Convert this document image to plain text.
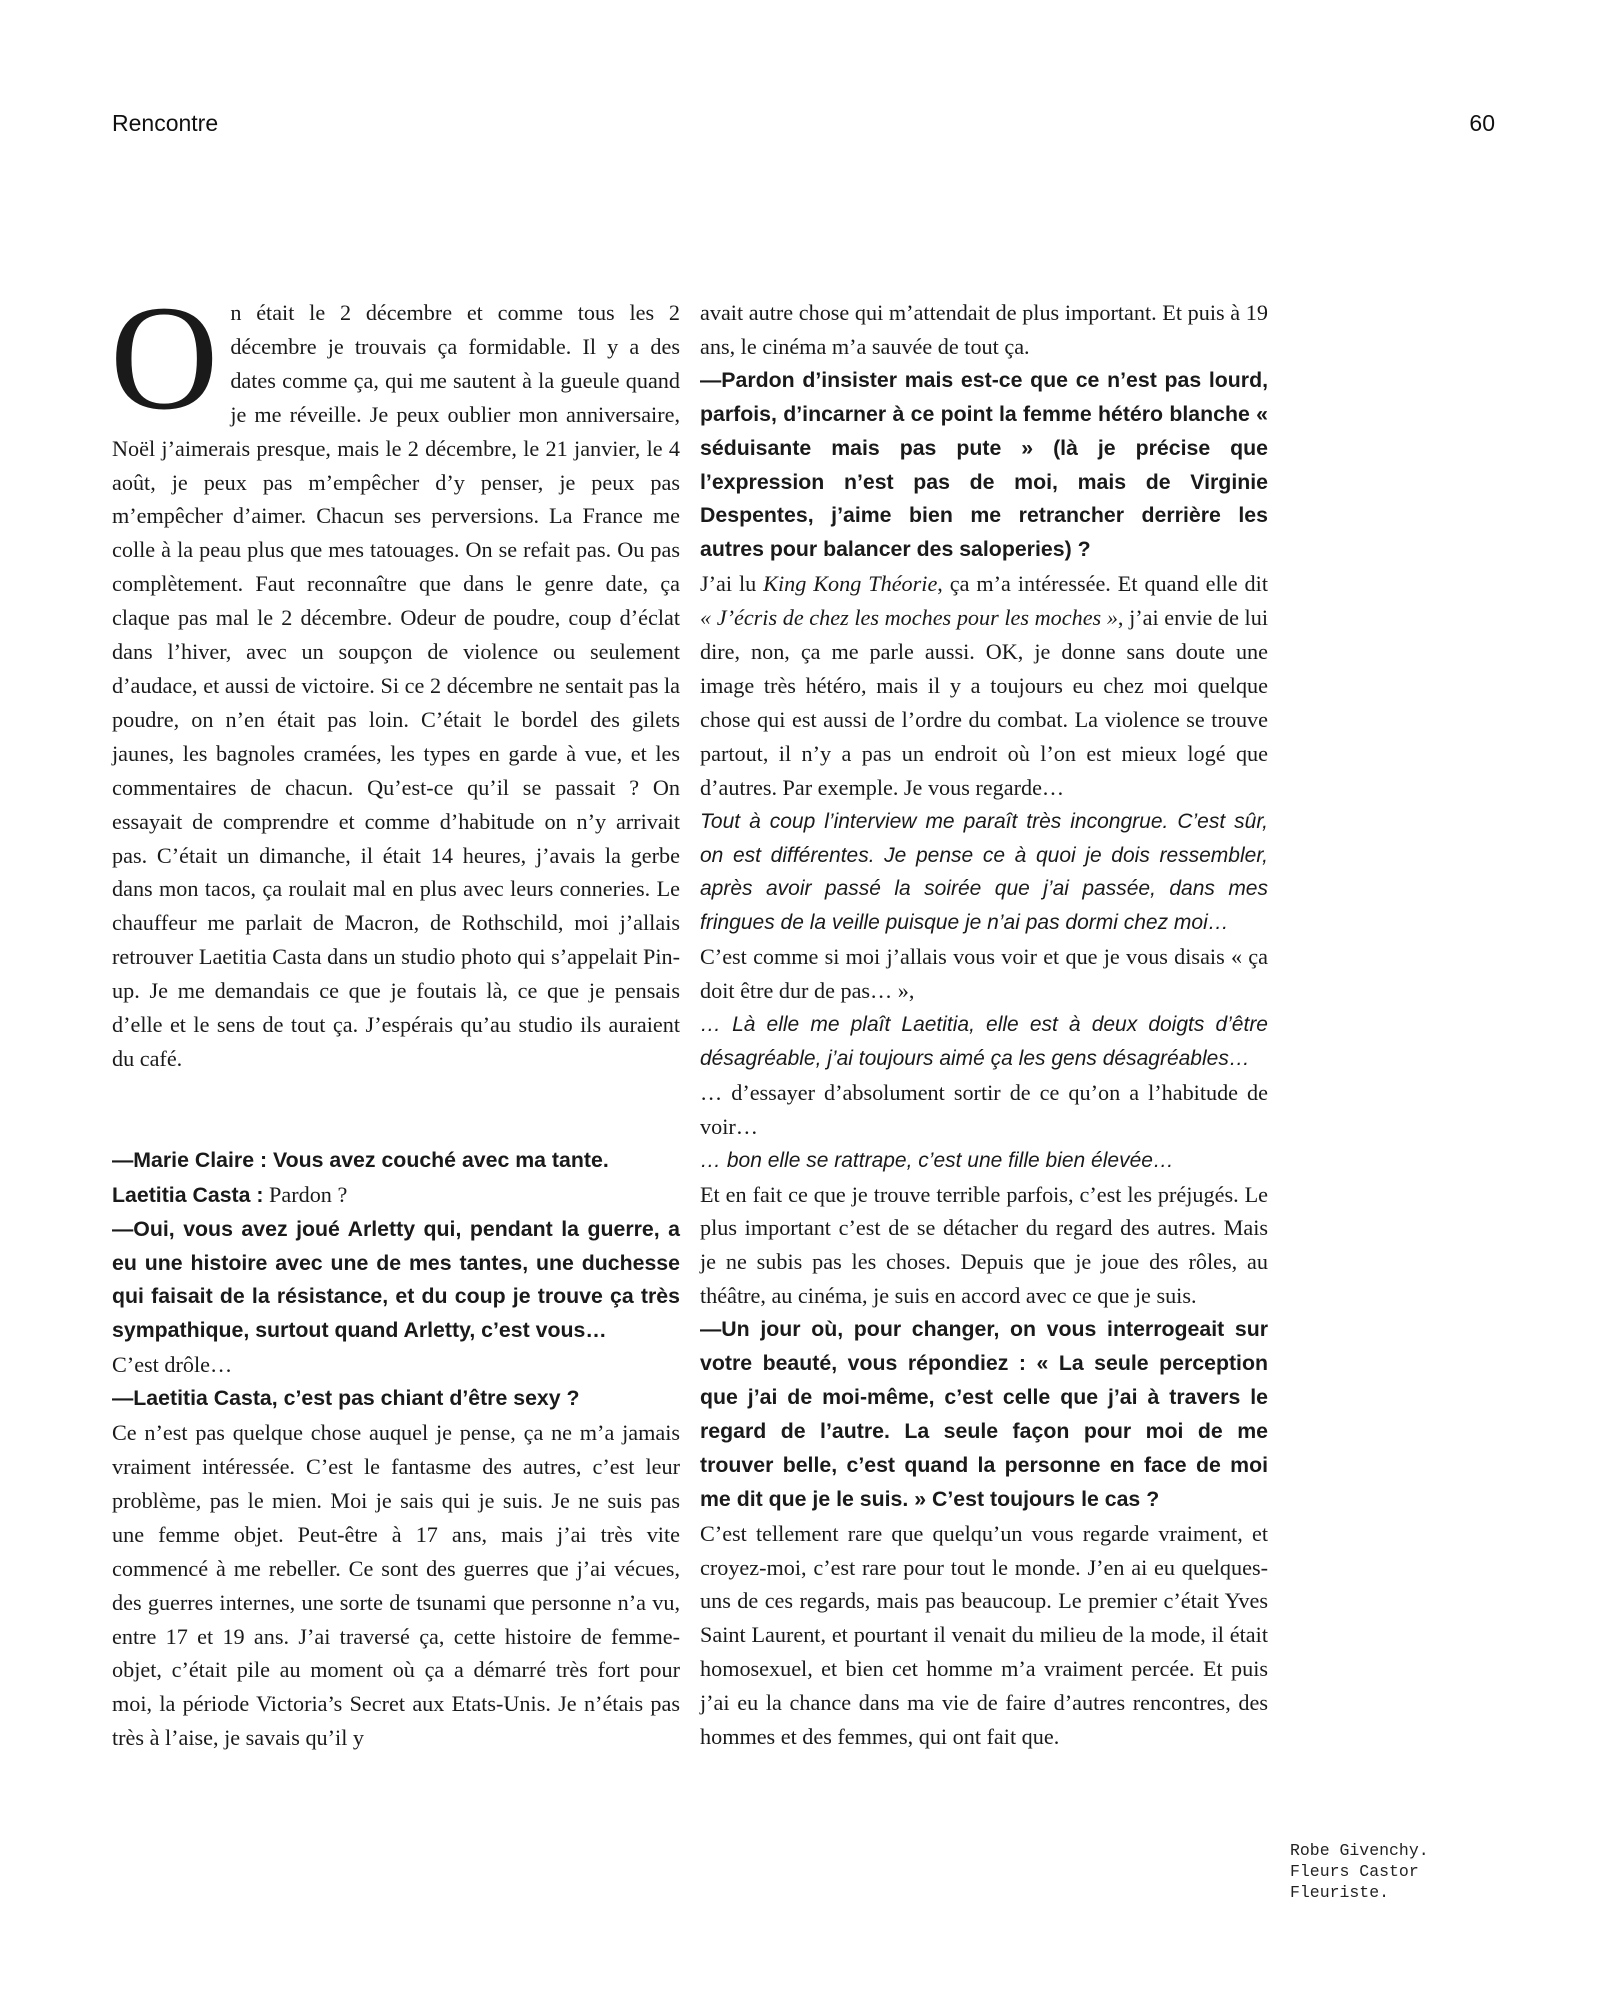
Rencontre	60

On était le 2 décembre et comme tous les 2 décembre je trouvais ça formidable. Il y a des dates comme ça, qui me sautent à la gueule quand je me réveille. Je peux oublier mon anniversaire, Noël j’aimerais presque, mais le 2 décembre, le 21 janvier, le 4 août, je peux pas m’empêcher d’y penser, je peux pas m’empêcher d’aimer. Chacun ses perversions. La France me colle à la peau plus que mes tatouages. On se refait pas. Ou pas complètement. Faut reconnaître que dans le genre date, ça claque pas mal le 2 décembre. Odeur de poudre, coup d’éclat dans l’hiver, avec un soupçon de violence ou seulement d’audace, et aussi de victoire. Si ce 2 décembre ne sentait pas la poudre, on n’en était pas loin. C’était le bordel des gilets jaunes, les bagnoles cramées, les types en garde à vue, et les commentaires de chacun. Qu’est-ce qu’il se passait ? On essayait de comprendre et comme d’habitude on n’y arrivait pas. C’était un dimanche, il était 14 heures, j’avais la gerbe dans mon tacos, ça roulait mal en plus avec leurs conneries. Le chauffeur me parlait de Macron, de Rothschild, moi j’allais retrouver Laetitia Casta dans un studio photo qui s’appelait Pin-up. Je me demandais ce que je foutais là, ce que je pensais d’elle et le sens de tout ça. J’espérais qu’au studio ils auraient du café.

—Marie Claire : Vous avez couché avec ma tante.

Laetitia Casta : Pardon ?

—Oui, vous avez joué Arletty qui, pendant la guerre, a eu une histoire avec une de mes tantes, une duchesse qui faisait de la résistance, et du coup je trouve ça très sympathique, surtout quand Arletty, c’est vous…

C’est drôle…

—Laetitia Casta, c’est pas chiant d’être sexy ?

Ce n’est pas quelque chose auquel je pense, ça ne m’a jamais vraiment intéressée. C’est le fantasme des autres, c’est leur problème, pas le mien. Moi je sais qui je suis. Je ne suis pas une femme objet. Peut-être à 17 ans, mais j’ai très vite commencé à me rebeller. Ce sont des guerres que j’ai vécues, des guerres internes, une sorte de tsunami que personne n’a vu, entre 17 et 19 ans. J’ai traversé ça, cette histoire de femme-objet, c’était pile au moment où ça a démarré très fort pour moi, la période Victoria’s Secret aux Etats-Unis. Je n’étais pas très à l’aise, je savais qu’il y

avait autre chose qui m’attendait de plus important. Et puis à 19 ans, le cinéma m’a sauvée de tout ça.

—Pardon d’insister mais est-ce que ce n’est pas lourd, parfois, d’incarner à ce point la femme hétéro blanche « séduisante mais pas pute » (là je précise que l’expression n’est pas de moi, mais de Virginie Despentes, j’aime bien me retrancher derrière les autres pour balancer des saloperies) ?

J’ai lu King Kong Théorie, ça m’a intéressée. Et quand elle dit « J’écris de chez les moches pour les moches », j’ai envie de lui dire, non, ça me parle aussi. OK, je donne sans doute une image très hétéro, mais il y a toujours eu chez moi quelque chose qui est aussi de l’ordre du combat. La violence se trouve partout, il n’y a pas un endroit où l’on est mieux logé que d’autres. Par exemple. Je vous regarde…

Tout à coup l’interview me paraît très incongrue. C’est sûr, on est différentes. Je pense ce à quoi je dois ressembler, après avoir passé la soirée que j’ai passée, dans mes fringues de la veille puisque je n’ai pas dormi chez moi…

C’est comme si moi j’allais vous voir et que je vous disais « ça doit être dur de pas… »,

… Là elle me plaît Laetitia, elle est à deux doigts d’être désagréable, j’ai toujours aimé ça les gens désagréables…

… d’essayer d’absolument sortir de ce qu’on a l’habitude de voir…

… bon elle se rattrape, c’est une fille bien élevée…

Et en fait ce que je trouve terrible parfois, c’est les préjugés. Le plus important c’est de se détacher du regard des autres. Mais je ne subis pas les choses. Depuis que je joue des rôles, au théâtre, au cinéma, je suis en accord avec ce que je suis.

—Un jour où, pour changer, on vous interrogeait sur votre beauté, vous répondiez : « La seule perception que j’ai de moi-même, c’est celle que j’ai à travers le regard de l’autre. La seule façon pour moi de me trouver belle, c’est quand la personne en face de moi me dit que je le suis. » C’est toujours le cas ?

C’est tellement rare que quelqu’un vous regarde vraiment, et croyez-moi, c’est rare pour tout le monde. J’en ai eu quelques-uns de ces regards, mais pas beaucoup. Le premier c’était Yves Saint Laurent, et pourtant il venait du milieu de la mode, il était homosexuel, et bien cet homme m’a vraiment percée. Et puis j’ai eu la chance dans ma vie de faire d’autres rencontres, des hommes et des femmes, qui ont fait que.

Robe Givenchy.
Fleurs Castor
Fleuriste.
